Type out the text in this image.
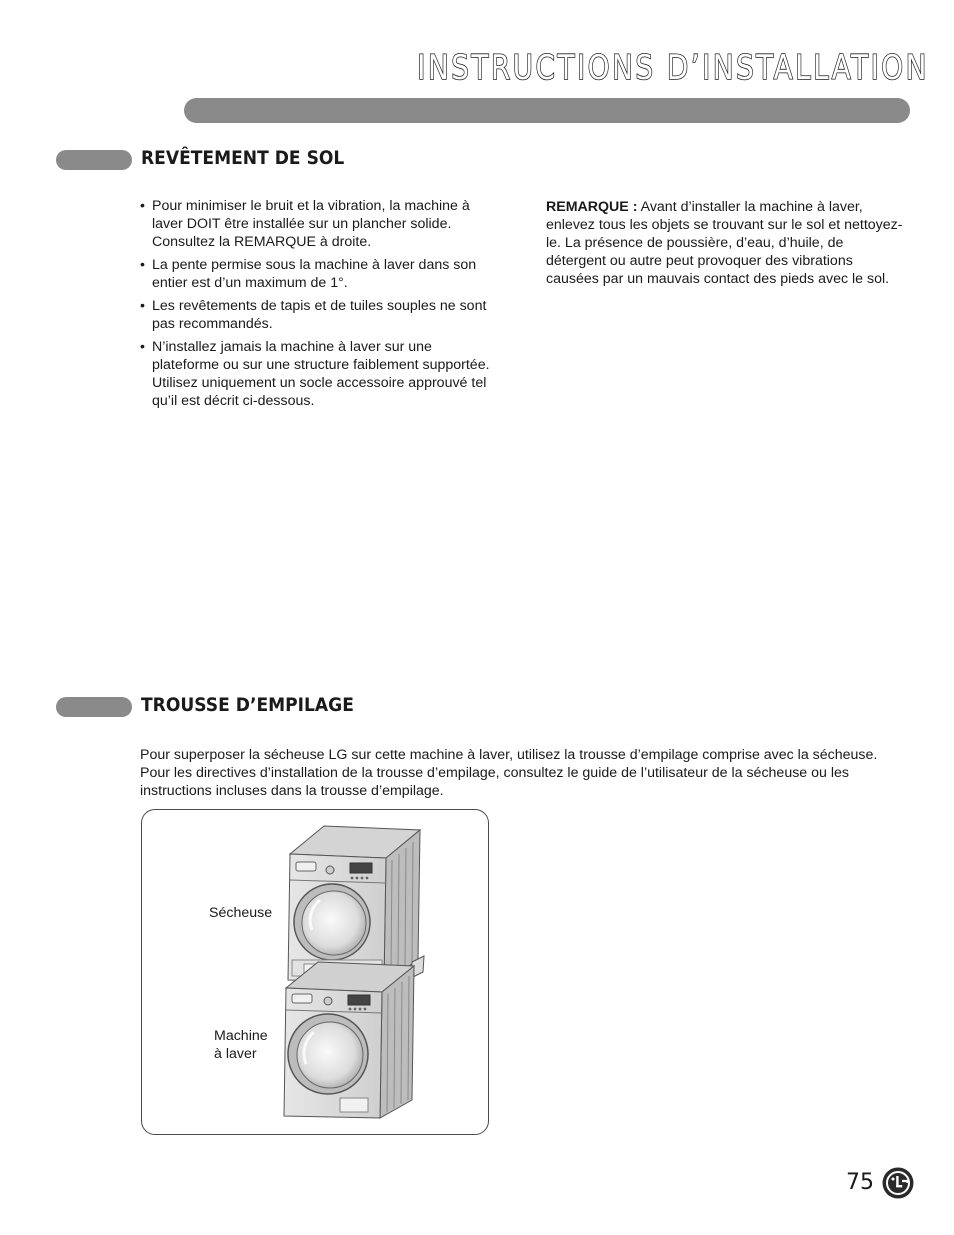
INSTRUCTIONS D’INSTALLATION
REVÊTEMENT DE SOL
• Pour minimiser le bruit et la vibration, la machine à laver DOIT être installée sur un plancher solide. Consultez la REMARQUE à droite.
• La pente permise sous la machine à laver dans son entier est d’un maximum de 1°.
• Les revêtements de tapis et de tuiles souples ne sont pas recommandés.
• N’installez jamais la machine à laver sur une plateforme ou sur une structure faiblement supportée. Utilisez uniquement un socle accessoire approuvé tel qu’il est décrit ci-dessous.

REMARQUE : Avant d’installer la machine à laver, enlevez tous les objets se trouvant sur le sol et nettoyez-le. La présence de poussière, d’eau, d’huile, de détergent ou autre peut provoquer des vibrations causées par un mauvais contact des pieds avec le sol.

TROUSSE D’EMPILAGE

Pour superposer la sécheuse LG sur cette machine à laver, utilisez la trousse d’empilage comprise avec la sécheuse. Pour les directives d’installation de la trousse d’empilage, consultez le guide de l’utilisateur de la sécheuse ou les instructions incluses dans la trousse d’empilage.

Sécheuse
Machine
à laver
75
